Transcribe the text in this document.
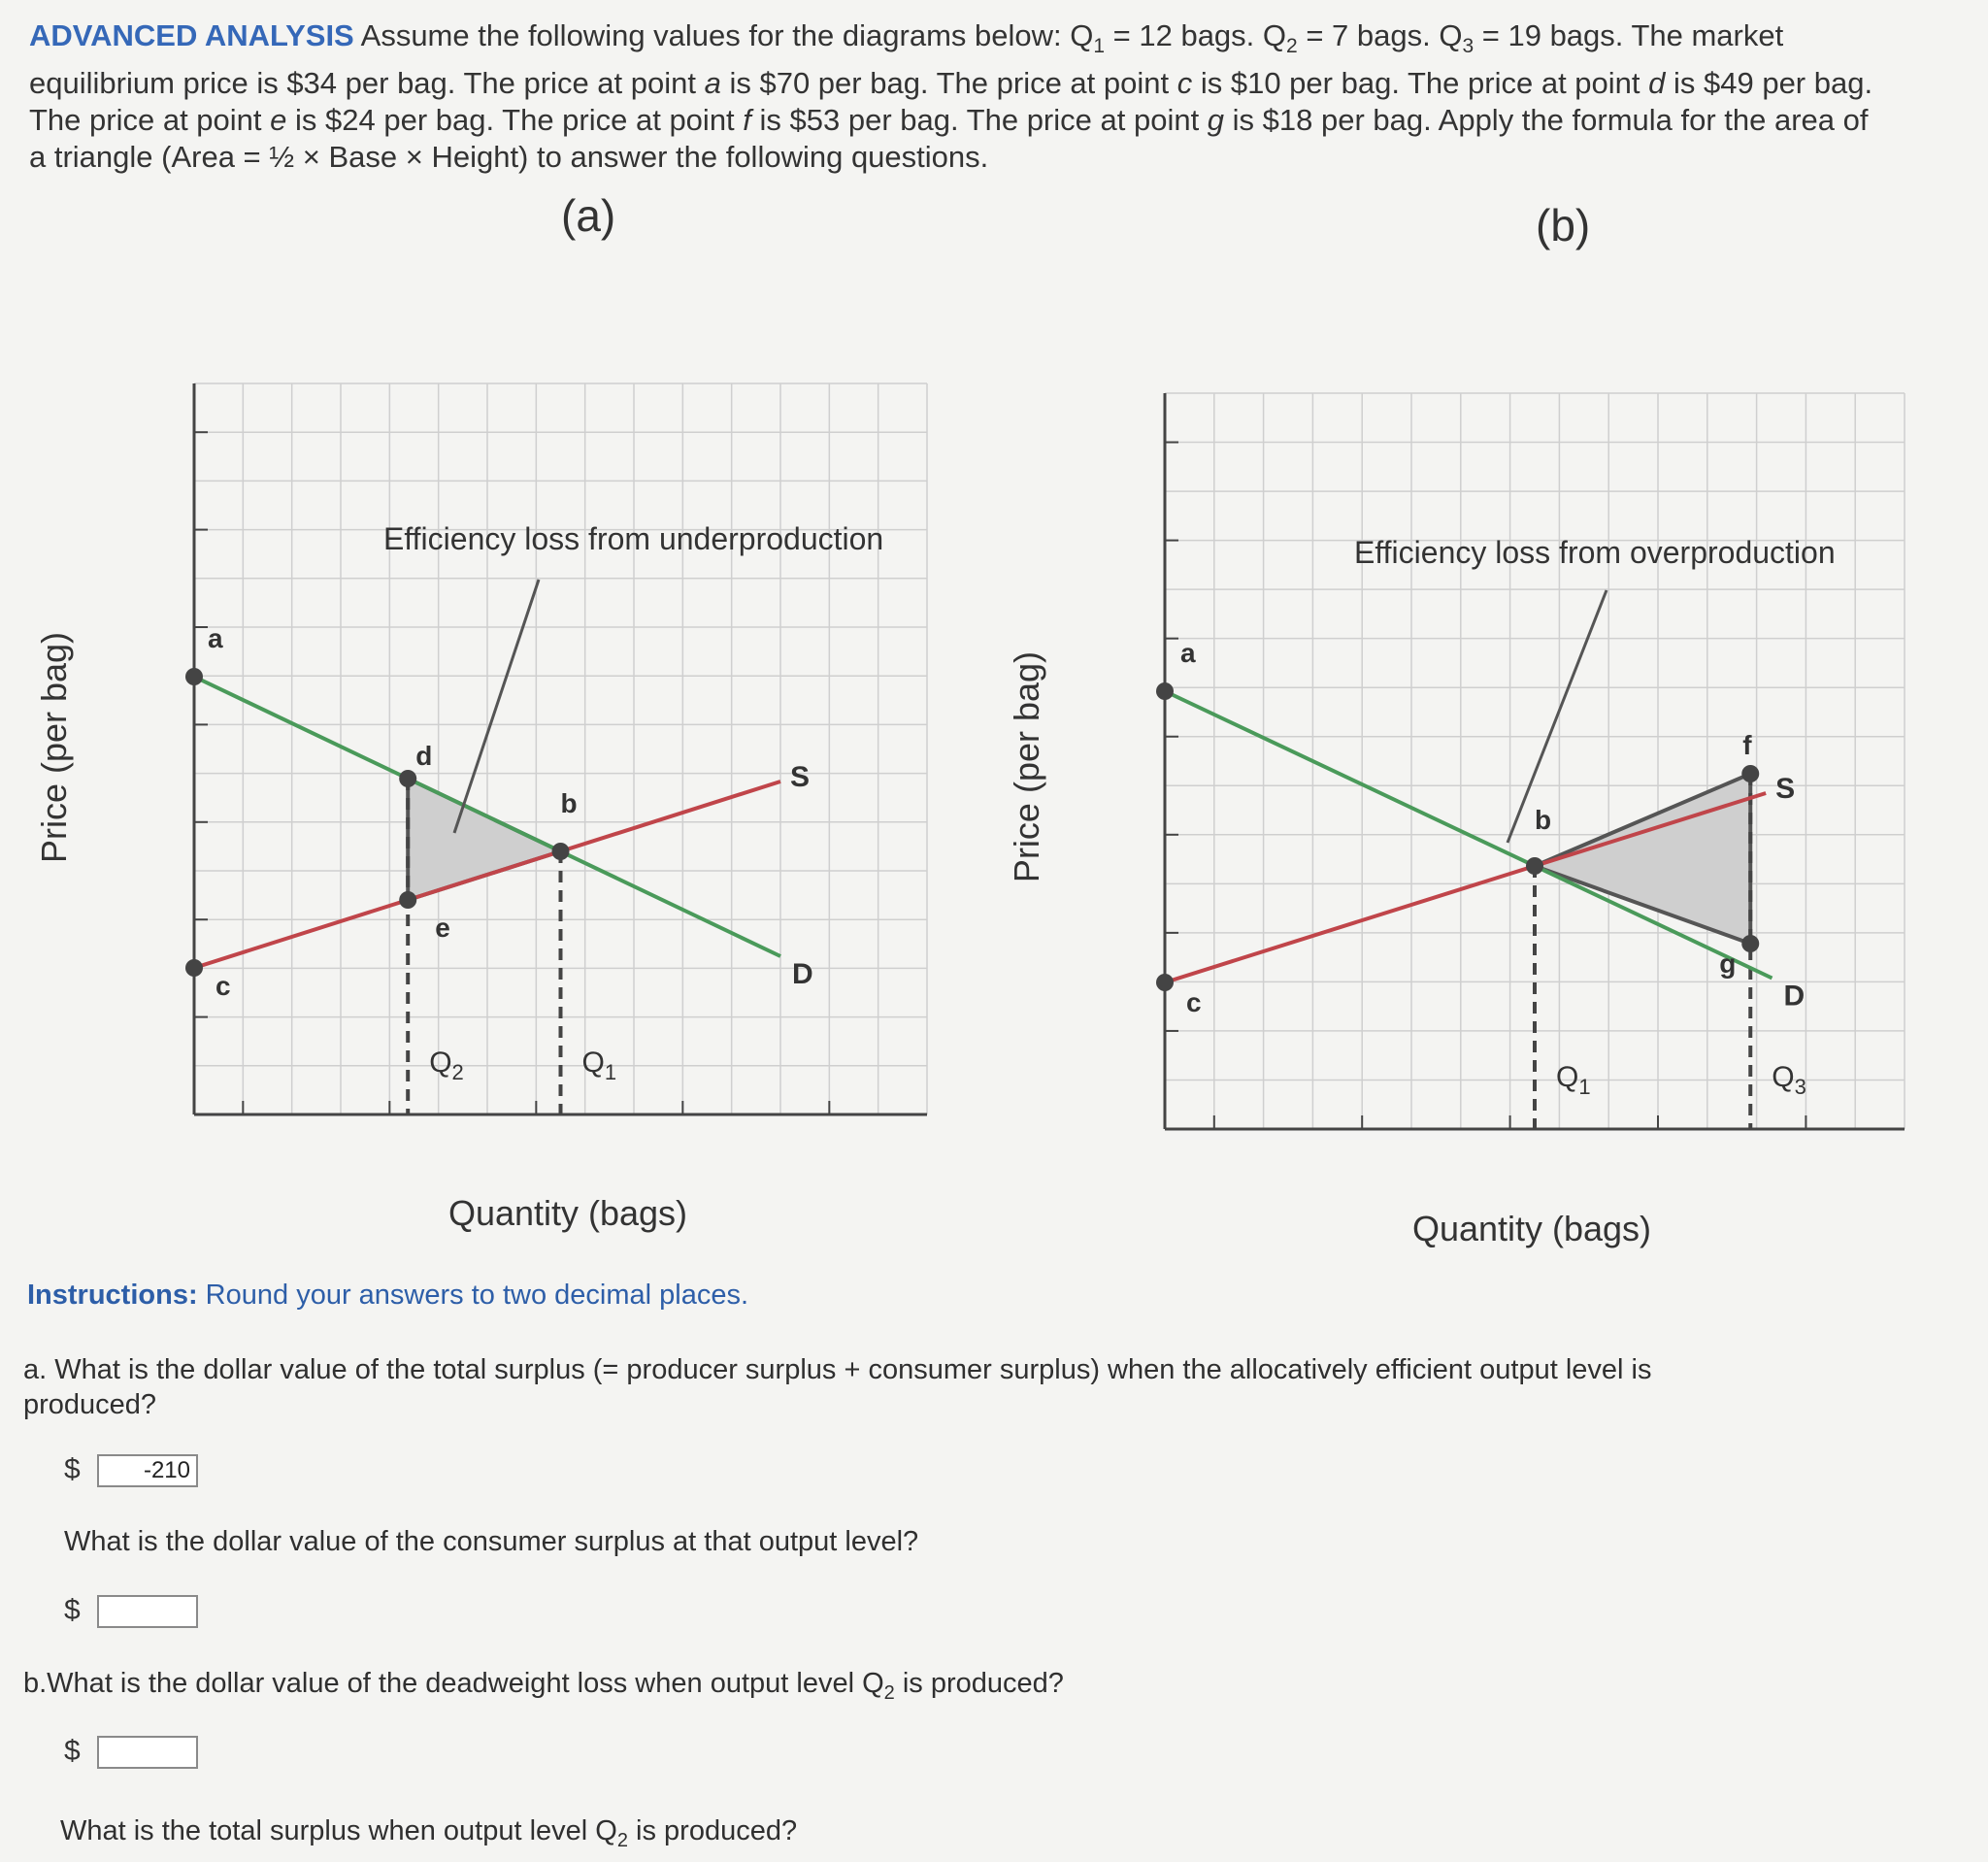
ADVANCED ANALYSIS Assume the following values for the diagrams below: $Q_1 = 12$ bags. $Q_2 = 7$ bags. $Q_3 = 19$ bags. The market equilibrium price is $34 per bag. The price at point a is $70 per bag. The price at point c is $10 per bag. The price at point d is $49 per bag. The price at point e is $24 per bag. The price at point f is $53 per bag. The price at point g is $18 per bag. Apply the formula for the area of a triangle (Area = ½ × Base × Height) to answer the following questions.
(a)
Efficiency loss from underproduction
S
D
a
c
d
e
b
$Q_2$	$Q_1$
Quantity (bags)
Price (per bag)
(b)
Efficiency loss from overproduction
S
D
a
c
b
f
g
$Q_1$	$Q_3$
Quantity (bags)
Price (per bag)
Instructions: Round your answers to two decimal places.
a. What is the dollar value of the total surplus (= producer surplus + consumer surplus) when the allocatively efficient output level is produced?
$
-210
What is the dollar value of the consumer surplus at that output level?
$
b.What is the dollar value of the deadweight loss when output level $Q_2$ is produced?
$
What is the total surplus when output level $Q_2$ is produced?
